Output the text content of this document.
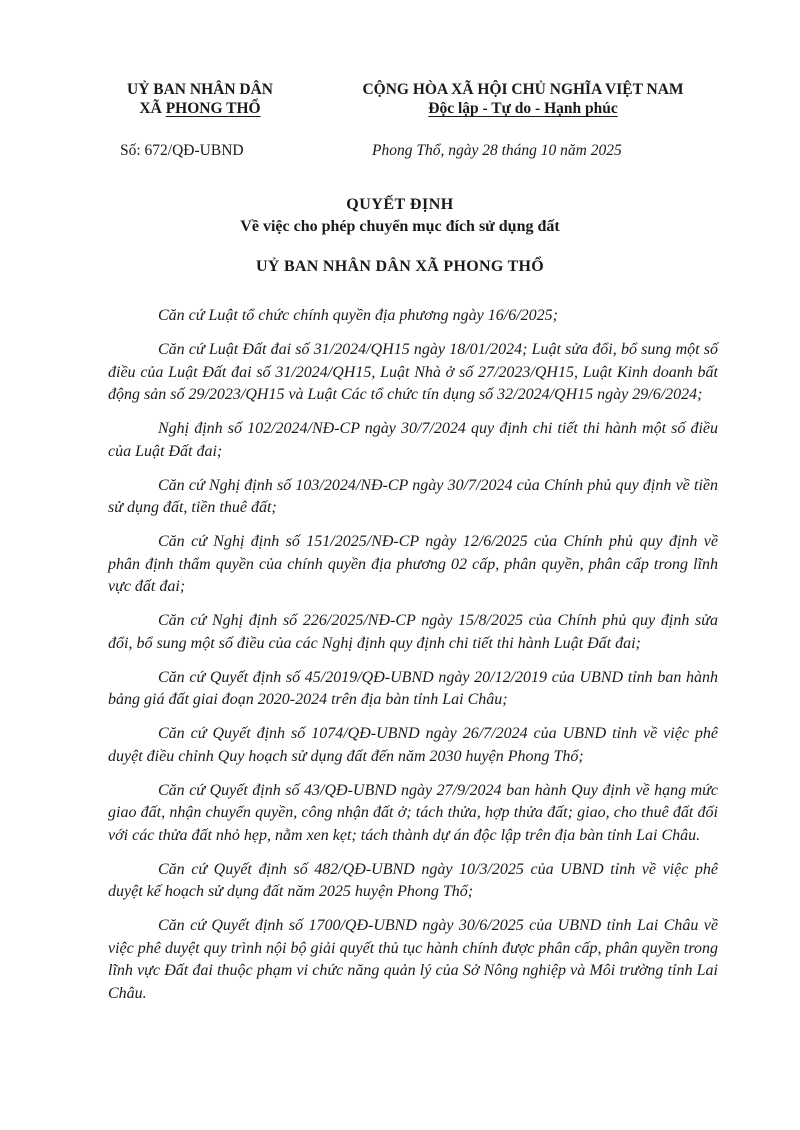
UỶ BAN NHÂN DÂN
XÃ PHONG THỔ
CỘNG HÒA XÃ HỘI CHỦ NGHĨA VIỆT NAM
Độc lập - Tự do - Hạnh phúc
Số: 672/QĐ-UBND	Phong Thổ, ngày 28 tháng 10 năm 2025
QUYẾT ĐỊNH
Về việc cho phép chuyển mục đích sử dụng đất
UỶ BAN NHÂN DÂN XÃ PHONG THỔ

Căn cứ Luật tổ chức chính quyền địa phương ngày 16/6/2025;

Căn cứ Luật Đất đai số 31/2024/QH15 ngày 18/01/2024; Luật sửa đổi, bổ sung một số điều của Luật Đất đai số 31/2024/QH15, Luật Nhà ở số 27/2023/QH15, Luật Kinh doanh bất động sản số 29/2023/QH15 và Luật Các tổ chức tín dụng số 32/2024/QH15 ngày 29/6/2024;

Nghị định số 102/2024/NĐ-CP ngày 30/7/2024 quy định chi tiết thi hành một số điều của Luật Đất đai;

Căn cứ Nghị định số 103/2024/NĐ-CP ngày 30/7/2024 của Chính phủ quy định về tiền sử dụng đất, tiền thuê đất;

Căn cứ Nghị định số 151/2025/NĐ-CP ngày 12/6/2025 của Chính phủ quy định về phân định thẩm quyền của chính quyền địa phương 02 cấp, phân quyền, phân cấp trong lĩnh vực đất đai;

Căn cứ Nghị định số 226/2025/NĐ-CP ngày 15/8/2025 của Chính phủ quy định sửa đổi, bổ sung một số điều của các Nghị định quy định chi tiết thi hành Luật Đất đai;

Căn cứ Quyết định số 45/2019/QĐ-UBND ngày 20/12/2019 của UBND tỉnh ban hành bảng giá đất giai đoạn 2020-2024 trên địa bàn tỉnh Lai Châu;

Căn cứ Quyết định số 1074/QĐ-UBND ngày 26/7/2024 của UBND tỉnh về việc phê duyệt điều chỉnh Quy hoạch sử dụng đất đến năm 2030 huyện Phong Thổ;

Căn cứ Quyết định số 43/QĐ-UBND ngày 27/9/2024 ban hành Quy định về hạng mức giao đất, nhận chuyển quyền, công nhận đất ở; tách thửa, hợp thửa đất; giao, cho thuê đất đối với các thửa đất nhỏ hẹp, nằm xen kẹt; tách thành dự án độc lập trên địa bàn tỉnh Lai Châu.

Căn cứ Quyết định số 482/QĐ-UBND ngày 10/3/2025 của UBND tỉnh về việc phê duyệt kế hoạch sử dụng đất năm 2025 huyện Phong Thổ;

Căn cứ Quyết định số 1700/QĐ-UBND ngày 30/6/2025 của UBND tỉnh Lai Châu về việc phê duyệt quy trình nội bộ giải quyết thủ tục hành chính được phân cấp, phân quyền trong lĩnh vực Đất đai thuộc phạm vi chức năng quản lý của Sở Nông nghiệp và Môi trường tỉnh Lai Châu.
